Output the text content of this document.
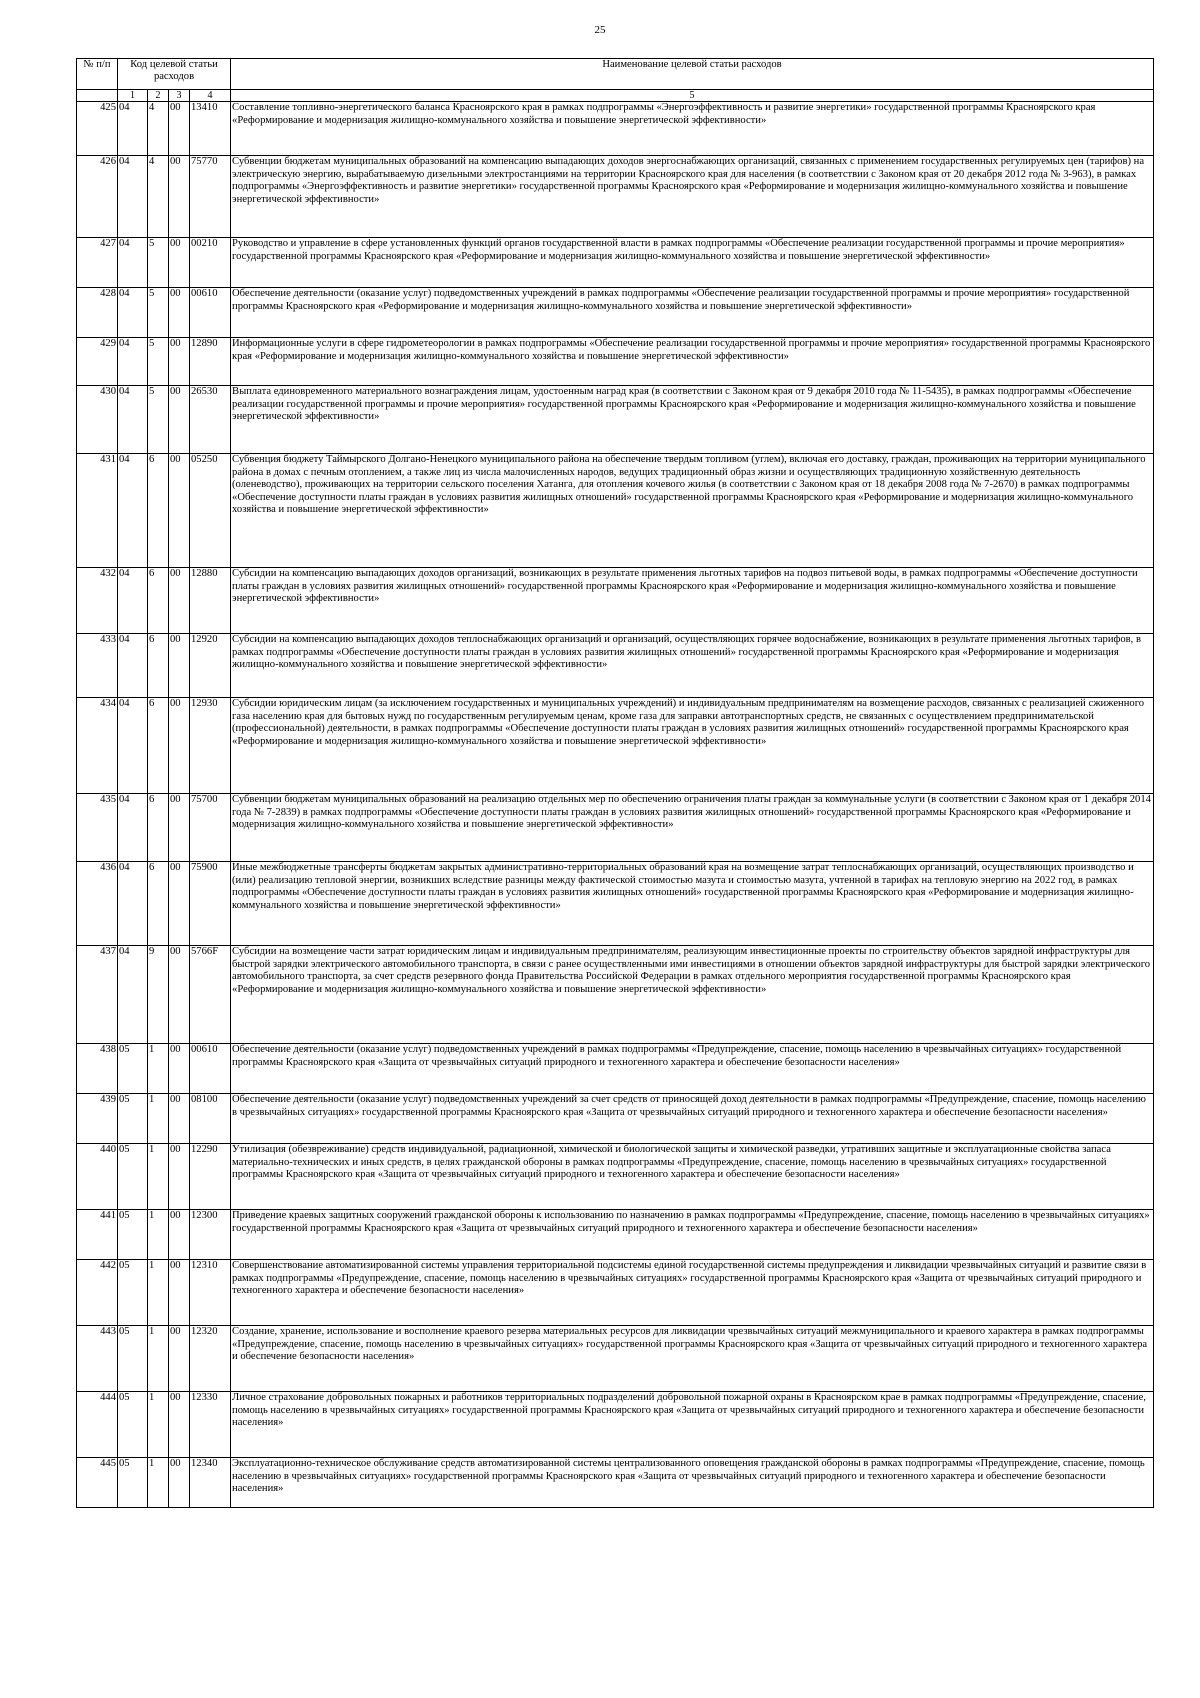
25
№ п/п	Код целевой статьи расходов				Наименование целевой статьи расходов

	1	2	3	4	5
425	04	4	00	13410	Составление топливно-энергетического баланса Красноярского края в рамках подпрограммы «Энергоэффективность и развитие энергетики» государственной программы Красноярского края «Реформирование и модернизация жилищно-коммунального хозяйства и повышение энергетической эффективности»
426	04	4	00	75770	Субвенции бюджетам муниципальных образований на компенсацию выпадающих доходов энергоснабжающих организаций, связанных с применением государственных регулируемых цен (тарифов) на электрическую энергию, вырабатываемую дизельными электростанциями на территории Красноярского края для населения (в соответствии с Законом края от 20 декабря 2012 года № 3-963), в рамках подпрограммы «Энергоэффективность и развитие энергетики» государственной программы Красноярского края «Реформирование и модернизация жилищно-коммунального хозяйства и повышение энергетической эффективности»
427	04	5	00	00210	Руководство и управление в сфере установленных функций органов государственной власти в рамках подпрограммы «Обеспечение реализации государственной программы и прочие мероприятия» государственной программы Красноярского края «Реформирование и модернизация жилищно-коммунального хозяйства и повышение энергетической эффективности»
428	04	5	00	00610	Обеспечение деятельности (оказание услуг) подведомственных учреждений в рамках подпрограммы «Обеспечение реализации государственной программы и прочие мероприятия» государственной программы Красноярского края «Реформирование и модернизация жилищно-коммунального хозяйства и повышение энергетической эффективности»
429	04	5	00	12890	Информационные услуги в сфере гидрометеорологии в рамках подпрограммы «Обеспечение реализации государственной программы и прочие мероприятия» государственной программы Красноярского края «Реформирование и модернизация жилищно-коммунального хозяйства и повышение энергетической эффективности»
430	04	5	00	26530	Выплата единовременного материального вознаграждения лицам, удостоенным наград края (в соответствии с Законом края от 9 декабря 2010 года № 11-5435), в рамках подпрограммы «Обеспечение реализации государственной программы и прочие мероприятия» государственной программы Красноярского края «Реформирование и модернизация жилищно-коммунального хозяйства и повышение энергетической эффективности»
431	04	6	00	05250	Субвенция бюджету Таймырского Долгано-Ненецкого муниципального района на обеспечение твердым топливом (углем), включая его доставку, граждан, проживающих на территории муниципального района в домах с печным отоплением, а также лиц из числа малочисленных народов, ведущих традиционный образ жизни и осуществляющих традиционную хозяйственную деятельность (оленеводство), проживающих на территории сельского поселения Хатанга, для отопления кочевого жилья (в соответствии с Законом края от 18 декабря 2008 года № 7-2670) в рамках подпрограммы «Обеспечение доступности платы граждан в условиях развития жилищных отношений» государственной программы Красноярского края «Реформирование и модернизация жилищно-коммунального хозяйства и повышение энергетической эффективности»
432	04	6	00	12880	Субсидии на компенсацию выпадающих доходов организаций, возникающих в результате применения льготных тарифов на подвоз питьевой воды, в рамках подпрограммы «Обеспечение доступности платы граждан в условиях развития жилищных отношений» государственной программы Красноярского края «Реформирование и модернизация жилищно-коммунального хозяйства и повышение энергетической эффективности»
433	04	6	00	12920	Субсидии на компенсацию выпадающих доходов теплоснабжающих организаций и организаций, осуществляющих горячее водоснабжение, возникающих в результате применения льготных тарифов, в рамках подпрограммы «Обеспечение доступности платы граждан в условиях развития жилищных отношений» государственной программы Красноярского края «Реформирование и модернизация жилищно-коммунального хозяйства и повышение энергетической эффективности»
434	04	6	00	12930	Субсидии юридическим лицам (за исключением государственных и муниципальных учреждений) и индивидуальным предпринимателям на возмещение расходов, связанных с реализацией сжиженного газа населению края для бытовых нужд по государственным регулируемым ценам, кроме газа для заправки автотранспортных средств, не связанных с осуществлением предпринимательской (профессиональной) деятельности, в рамках подпрограммы «Обеспечение доступности платы граждан в условиях развития жилищных отношений» государственной программы Красноярского края «Реформирование и модернизация жилищно-коммунального хозяйства и повышение энергетической эффективности»
435	04	6	00	75700	Субвенции бюджетам муниципальных образований на реализацию отдельных мер по обеспечению ограничения платы граждан за коммунальные услуги (в соответствии с Законом края от 1 декабря 2014 года № 7-2839) в рамках подпрограммы «Обеспечение доступности платы граждан в условиях развития жилищных отношений» государственной программы Красноярского края «Реформирование и модернизация жилищно-коммунального хозяйства и повышение энергетической эффективности»
436	04	6	00	75900	Иные межбюджетные трансферты бюджетам закрытых административно-территориальных образований края на возмещение затрат теплоснабжающих организаций, осуществляющих производство и (или) реализацию тепловой энергии, возникших вследствие разницы между фактической стоимостью мазута и стоимостью мазута, учтенной в тарифах на тепловую энергию на 2022 год, в рамках подпрограммы «Обеспечение доступности платы граждан в условиях развития жилищных отношений» государственной программы Красноярского края «Реформирование и модернизация жилищно-коммунального хозяйства и повышение энергетической эффективности»
437	04	9	00	5766F	Субсидии на возмещение части затрат юридическим лицам и индивидуальным предпринимателям, реализующим инвестиционные проекты по строительству объектов зарядной инфраструктуры для быстрой зарядки электрического автомобильного транспорта, в связи с ранее осуществленными ими инвестициями в отношении объектов зарядной инфраструктуры для быстрой зарядки электрического автомобильного транспорта, за счет средств резервного фонда Правительства Российской Федерации в рамках отдельного мероприятия государственной программы Красноярского края «Реформирование и модернизация жилищно-коммунального хозяйства и повышение энергетической эффективности»
438	05	1	00	00610	Обеспечение деятельности (оказание услуг) подведомственных учреждений в рамках подпрограммы «Предупреждение, спасение, помощь населению в чрезвычайных ситуациях» государственной программы Красноярского края «Защита от чрезвычайных ситуаций природного и техногенного характера и обеспечение безопасности населения»
439	05	1	00	08100	Обеспечение деятельности (оказание услуг) подведомственных учреждений за счет средств от приносящей доход деятельности в рамках подпрограммы «Предупреждение, спасение, помощь населению в чрезвычайных ситуациях» государственной программы Красноярского края «Защита от чрезвычайных ситуаций природного и техногенного характера и обеспечение безопасности населения»
440	05	1	00	12290	Утилизация (обезвреживание) средств индивидуальной, радиационной, химической и биологической защиты и химической разведки, утративших защитные и эксплуатационные свойства запаса материально-технических и иных средств, в целях гражданской обороны в рамках подпрограммы «Предупреждение, спасение, помощь населению в чрезвычайных ситуациях» государственной программы Красноярского края «Защита от чрезвычайных ситуаций природного и техногенного характера и обеспечение безопасности населения»
441	05	1	00	12300	Приведение краевых защитных сооружений гражданской обороны к использованию по назначению в рамках подпрограммы «Предупреждение, спасение, помощь населению в чрезвычайных ситуациях» государственной программы Красноярского края «Защита от чрезвычайных ситуаций природного и техногенного характера и обеспечение безопасности населения»
442	05	1	00	12310	Совершенствование автоматизированной системы управления территориальной подсистемы единой государственной системы предупреждения и ликвидации чрезвычайных ситуаций и развитие связи в рамках подпрограммы «Предупреждение, спасение, помощь населению в чрезвычайных ситуациях» государственной программы Красноярского края «Защита от чрезвычайных ситуаций природного и техногенного характера и обеспечение безопасности населения»
443	05	1	00	12320	Создание, хранение, использование и восполнение краевого резерва материальных ресурсов для ликвидации чрезвычайных ситуаций межмуниципального и краевого характера в рамках подпрограммы «Предупреждение, спасение, помощь населению в чрезвычайных ситуациях» государственной программы Красноярского края «Защита от чрезвычайных ситуаций природного и техногенного характера и обеспечение безопасности населения»
444	05	1	00	12330	Личное страхование добровольных пожарных и работников территориальных подразделений добровольной пожарной охраны в Красноярском крае в рамках подпрограммы «Предупреждение, спасение, помощь населению в чрезвычайных ситуациях» государственной программы Красноярского края «Защита от чрезвычайных ситуаций природного и техногенного характера и обеспечение безопасности населения»
445	05	1	00	12340	Эксплуатационно-техническое обслуживание средств автоматизированной системы централизованного оповещения гражданской обороны в рамках подпрограммы «Предупреждение, спасение, помощь населению в чрезвычайных ситуациях» государственной программы Красноярского края «Защита от чрезвычайных ситуаций природного и техногенного характера и обеспечение безопасности населения»
